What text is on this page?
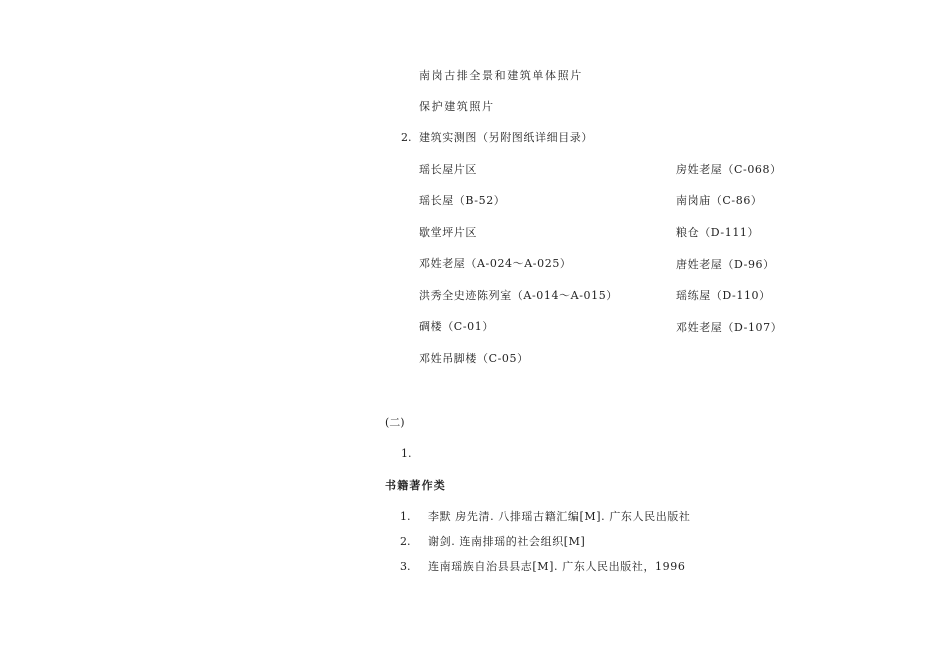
南岗古排全景和建筑单体照片
保护建筑照片
2. 建筑实测图（另附图纸详细目录）
瑶长屋片区
瑶长屋（B-52）
歇堂坪片区
邓姓老屋（A-024～A-025）
洪秀全史迹陈列室（A-014～A-015）
碉楼（C-01）
邓姓吊脚楼（C-05）
房姓老屋（C-068）
南岗庙（C-86）
粮仓（D-111）
唐姓老屋（D-96）
瑶练屋（D-110）
邓姓老屋（D-107）
(二)
1.
书籍著作类
1. 李默 房先清. 八排瑶古籍汇编[M]. 广东人民出版社
2. 谢剑. 连南排瑶的社会组织[M]
3. 连南瑶族自治县县志[M]. 广东人民出版社，1996
